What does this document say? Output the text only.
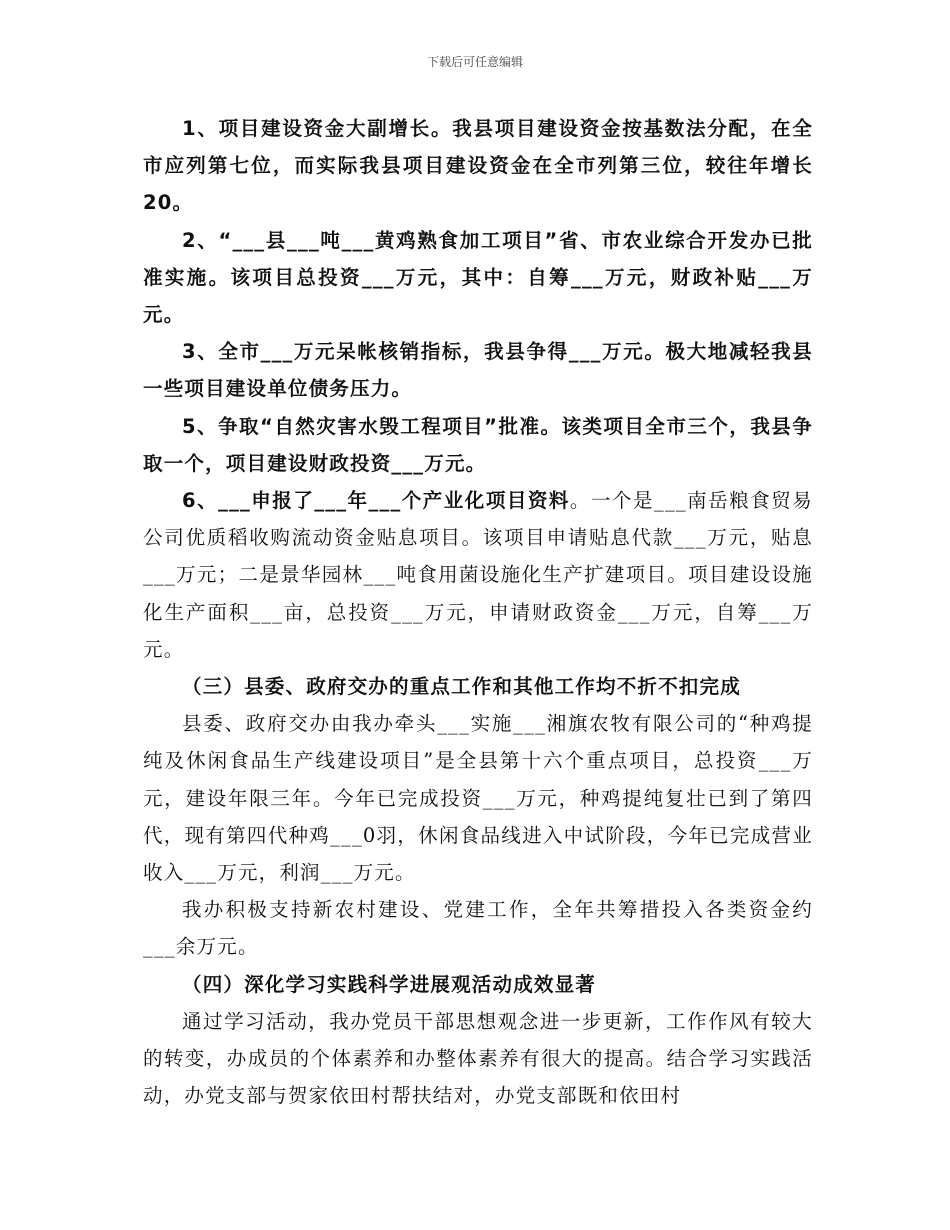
下载后可任意编辑

1、项目建设资金大副增长。我县项目建设资金按基数法分配，在全市应列第七位，而实际我县项目建设资金在全市列第三位，较往年增长20。

2、“___县___吨___黄鸡熟食加工项目”省、市农业综合开发办已批准实施。该项目总投资___万元，其中：自筹___万元，财政补贴___万元。

3、全市___万元呆帐核销指标，我县争得___万元。极大地减轻我县一些项目建设单位债务压力。

5、争取“自然灾害水毁工程项目”批准。该类项目全市三个，我县争取一个，项目建设财政投资___万元。

6、___申报了___年___个产业化项目资料。一个是___南岳粮食贸易公司优质稻收购流动资金贴息项目。该项目申请贴息代款___万元，贴息___万元；二是景华园林___吨食用菌设施化生产扩建项目。项目建设设施化生产面积___亩，总投资___万元，申请财政资金___万元，自筹___万元。

（三）县委、政府交办的重点工作和其他工作均不折不扣完成

县委、政府交办由我办牵头___实施___湘旗农牧有限公司的“种鸡提纯及休闲食品生产线建设项目”是全县第十六个重点项目，总投资___万元，建设年限三年。今年已完成投资___万元，种鸡提纯复壮已到了第四代，现有第四代种鸡___0羽，休闲食品线进入中试阶段，今年已完成营业收入___万元，利润___万元。

我办积极支持新农村建设、党建工作，全年共筹措投入各类资金约___余万元。

（四）深化学习实践科学进展观活动成效显著

通过学习活动，我办党员干部思想观念进一步更新，工作作风有较大的转变，办成员的个体素养和办整体素养有很大的提高。结合学习实践活动，办党支部与贺家依田村帮扶结对，办党支部既和依田村
